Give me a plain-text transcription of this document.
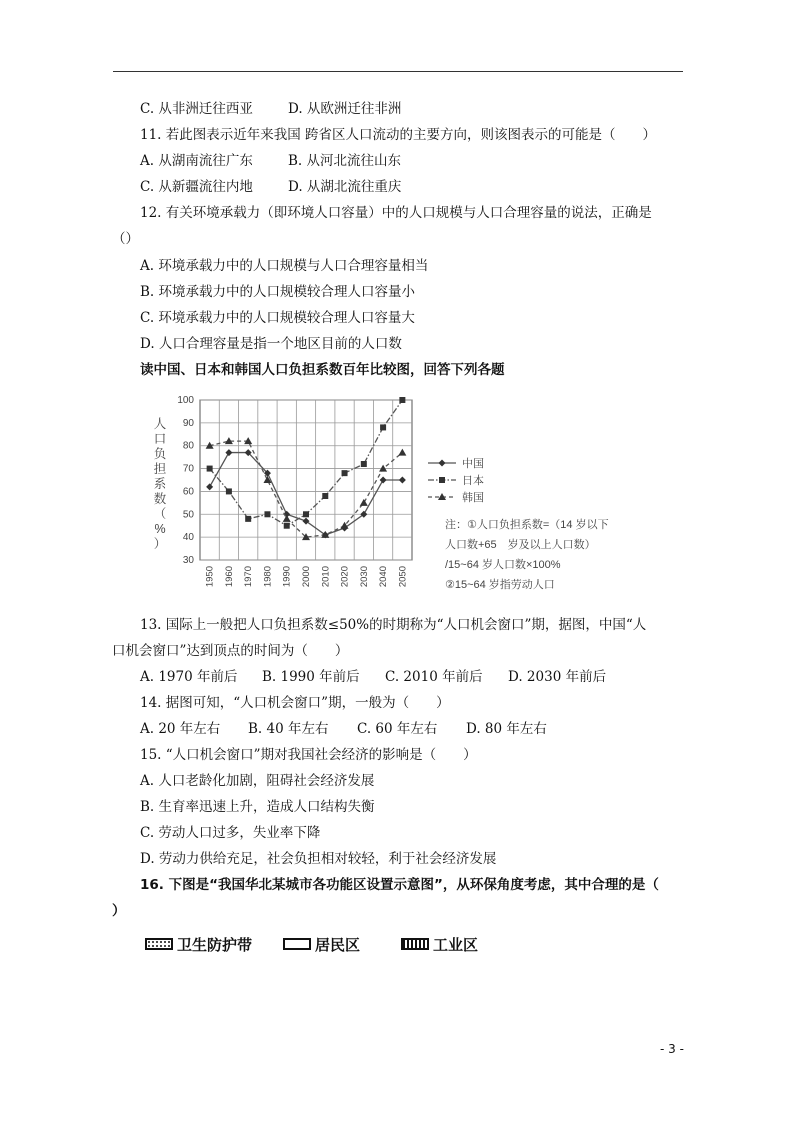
C. 从非洲迁往西亚	D. 从欧洲迁往非洲
11. 若此图表示近年来我国 跨省区人口流动的主要方向，则该图表示的可能是（　　）
A. 从湖南流往广东	B. 从河北流往山东
C. 从新疆流往内地	D. 从湖北流往重庆
12. 有关环境承载力（即环境人口容量）中的人口规模与人口合理容量的说法，正确是
（）
A. 环境承载力中的人口规模与人口合理容量相当
B. 环境承载力中的人口规模较合理人口容量小
C. 环境承载力中的人口规模较合理人口容量大
D. 人口合理容量是指一个地区目前的人口数
读中国、日本和韩国人口负担系数百年比较图，回答下列各题
30
40
50
60
70
80
90
100
1950 1960 1970 1980 1990 2000 2010 2020 2030 2040 2050
人
口
负
担
系
数
（
%
）
中国
日本
韩国
注：①人口负担系数=（14 岁以下
人口数+65　岁及以上人口数）
/15~64 岁人口数×100%
②15~64 岁指劳动人口
13. 国际上一般把人口负担系数≤50%的时期称为“人口机会窗口”期，据图，中国“人
口机会窗口”达到顶点的时间为（　　）
A. 1970 年前后 B. 1990 年前后 C. 2010 年前后 D. 2030 年前后
14. 据图可知，“人口机会窗口”期，一般为（　　）
A. 20 年左右 B. 40 年左右 C. 60 年左右 D. 80 年左右
15. “人口机会窗口”期对我国社会经济的影响是（　　）
A. 人口老龄化加剧，阻碍社会经济发展
B. 生育率迅速上升，造成人口结构失衡
C. 劳动人口过多，失业率下降
D. 劳动力供给充足，社会负担相对较轻，利于社会经济发展
16. 下图是“我国华北某城市各功能区设置示意图”，从环保角度考虑，其中合理的是（
）
卫生防护带	居民区	工业区
- 3 -
